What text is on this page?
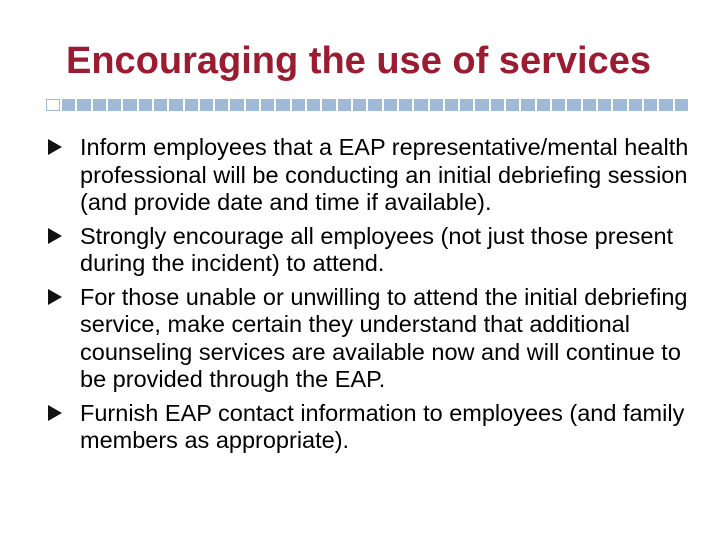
Encouraging the use of services
Inform employees that a EAP representative/mental health professional will be conducting an initial debriefing session (and provide date and time if available).
Strongly encourage all employees (not just those present during the incident) to attend.
For those unable or unwilling to attend the initial debriefing service, make certain they understand that additional counseling services are available now and will continue to be provided through the EAP.
Furnish EAP contact information to employees (and family members as appropriate).
